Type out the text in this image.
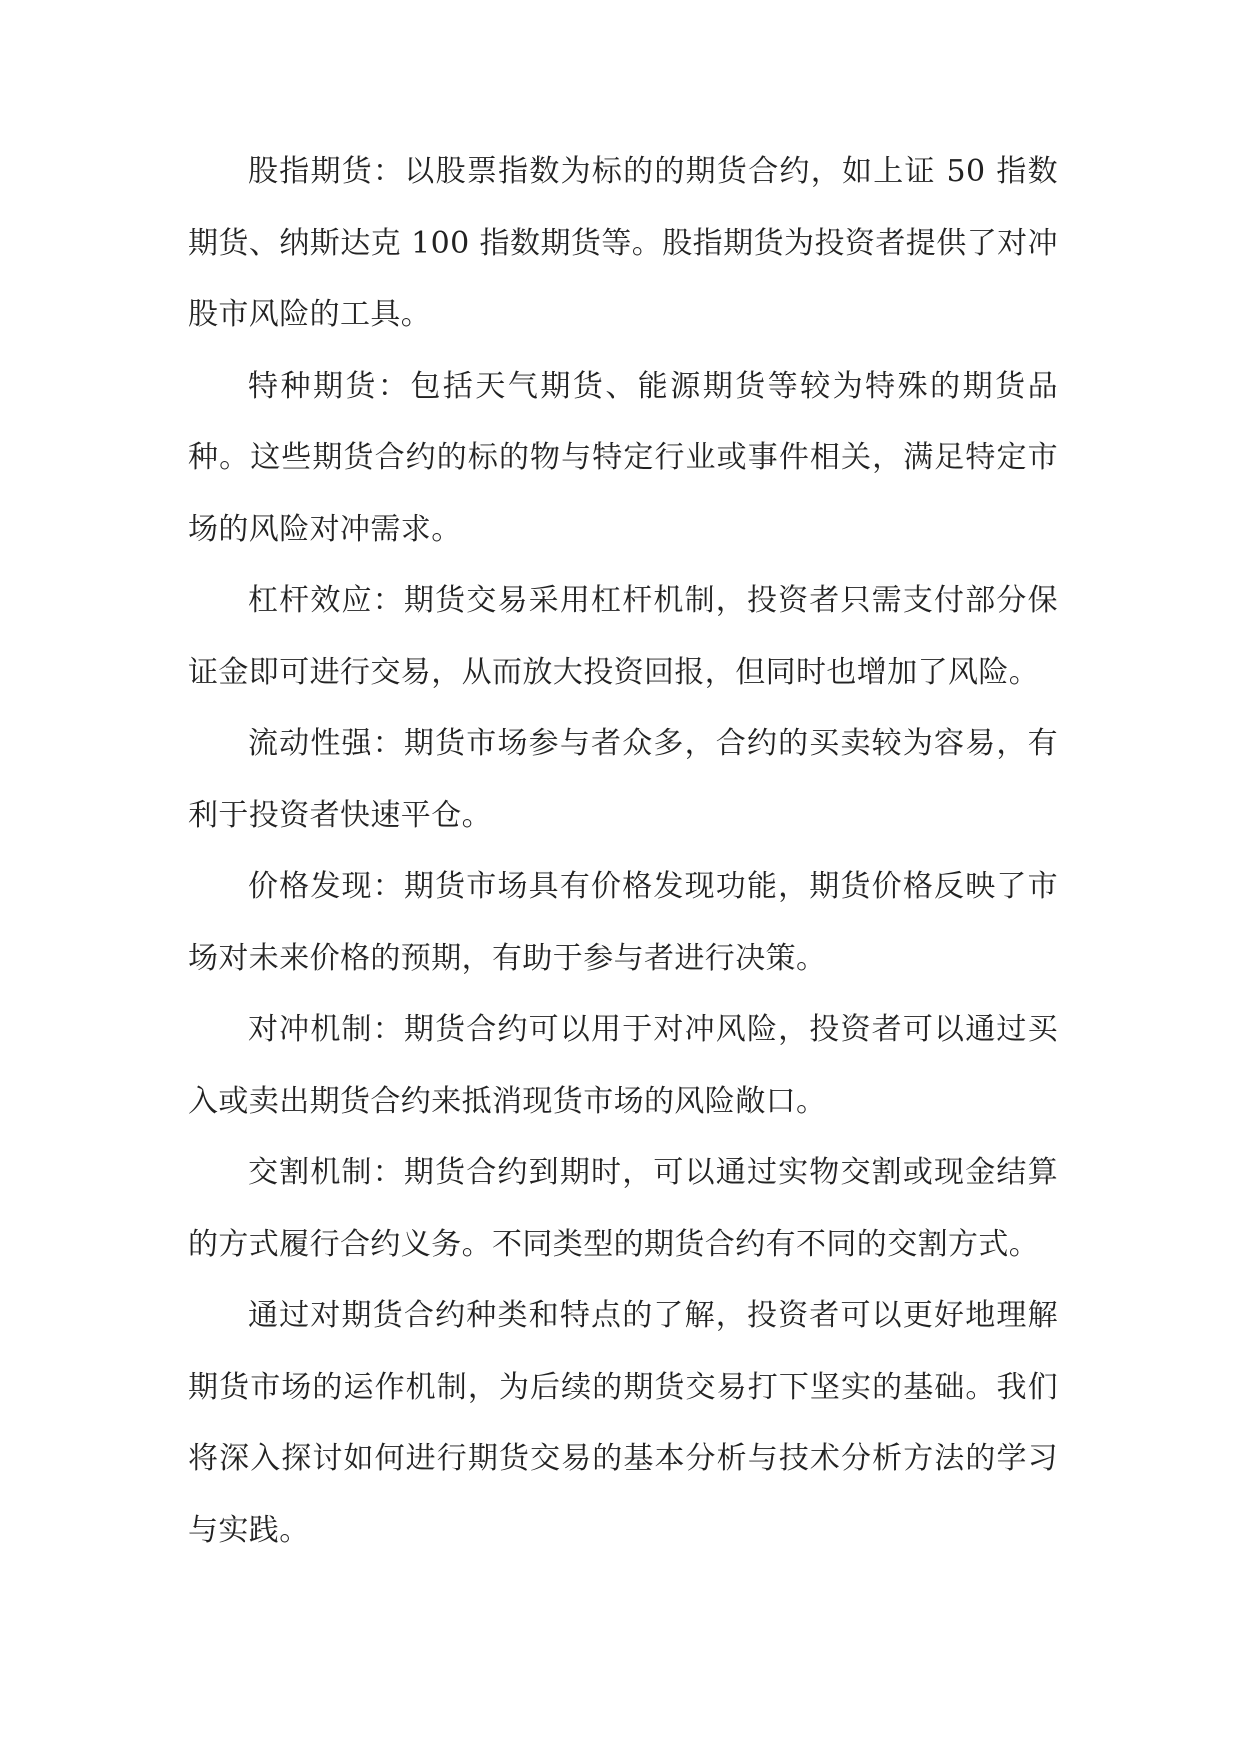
股指期货：以股票指数为标的的期货合约，如上证 50 指数期货、纳斯达克 100 指数期货等。股指期货为投资者提供了对冲股市风险的工具。

特种期货：包括天气期货、能源期货等较为特殊的期货品种。这些期货合约的标的物与特定行业或事件相关，满足特定市场的风险对冲需求。

杠杆效应：期货交易采用杠杆机制，投资者只需支付部分保证金即可进行交易，从而放大投资回报，但同时也增加了风险。

流动性强：期货市场参与者众多，合约的买卖较为容易，有利于投资者快速平仓。

价格发现：期货市场具有价格发现功能，期货价格反映了市场对未来价格的预期，有助于参与者进行决策。

对冲机制：期货合约可以用于对冲风险，投资者可以通过买入或卖出期货合约来抵消现货市场的风险敞口。

交割机制：期货合约到期时，可以通过实物交割或现金结算的方式履行合约义务。不同类型的期货合约有不同的交割方式。

通过对期货合约种类和特点的了解，投资者可以更好地理解期货市场的运作机制，为后续的期货交易打下坚实的基础。我们将深入探讨如何进行期货交易的基本分析与技术分析方法的学习与实践。
